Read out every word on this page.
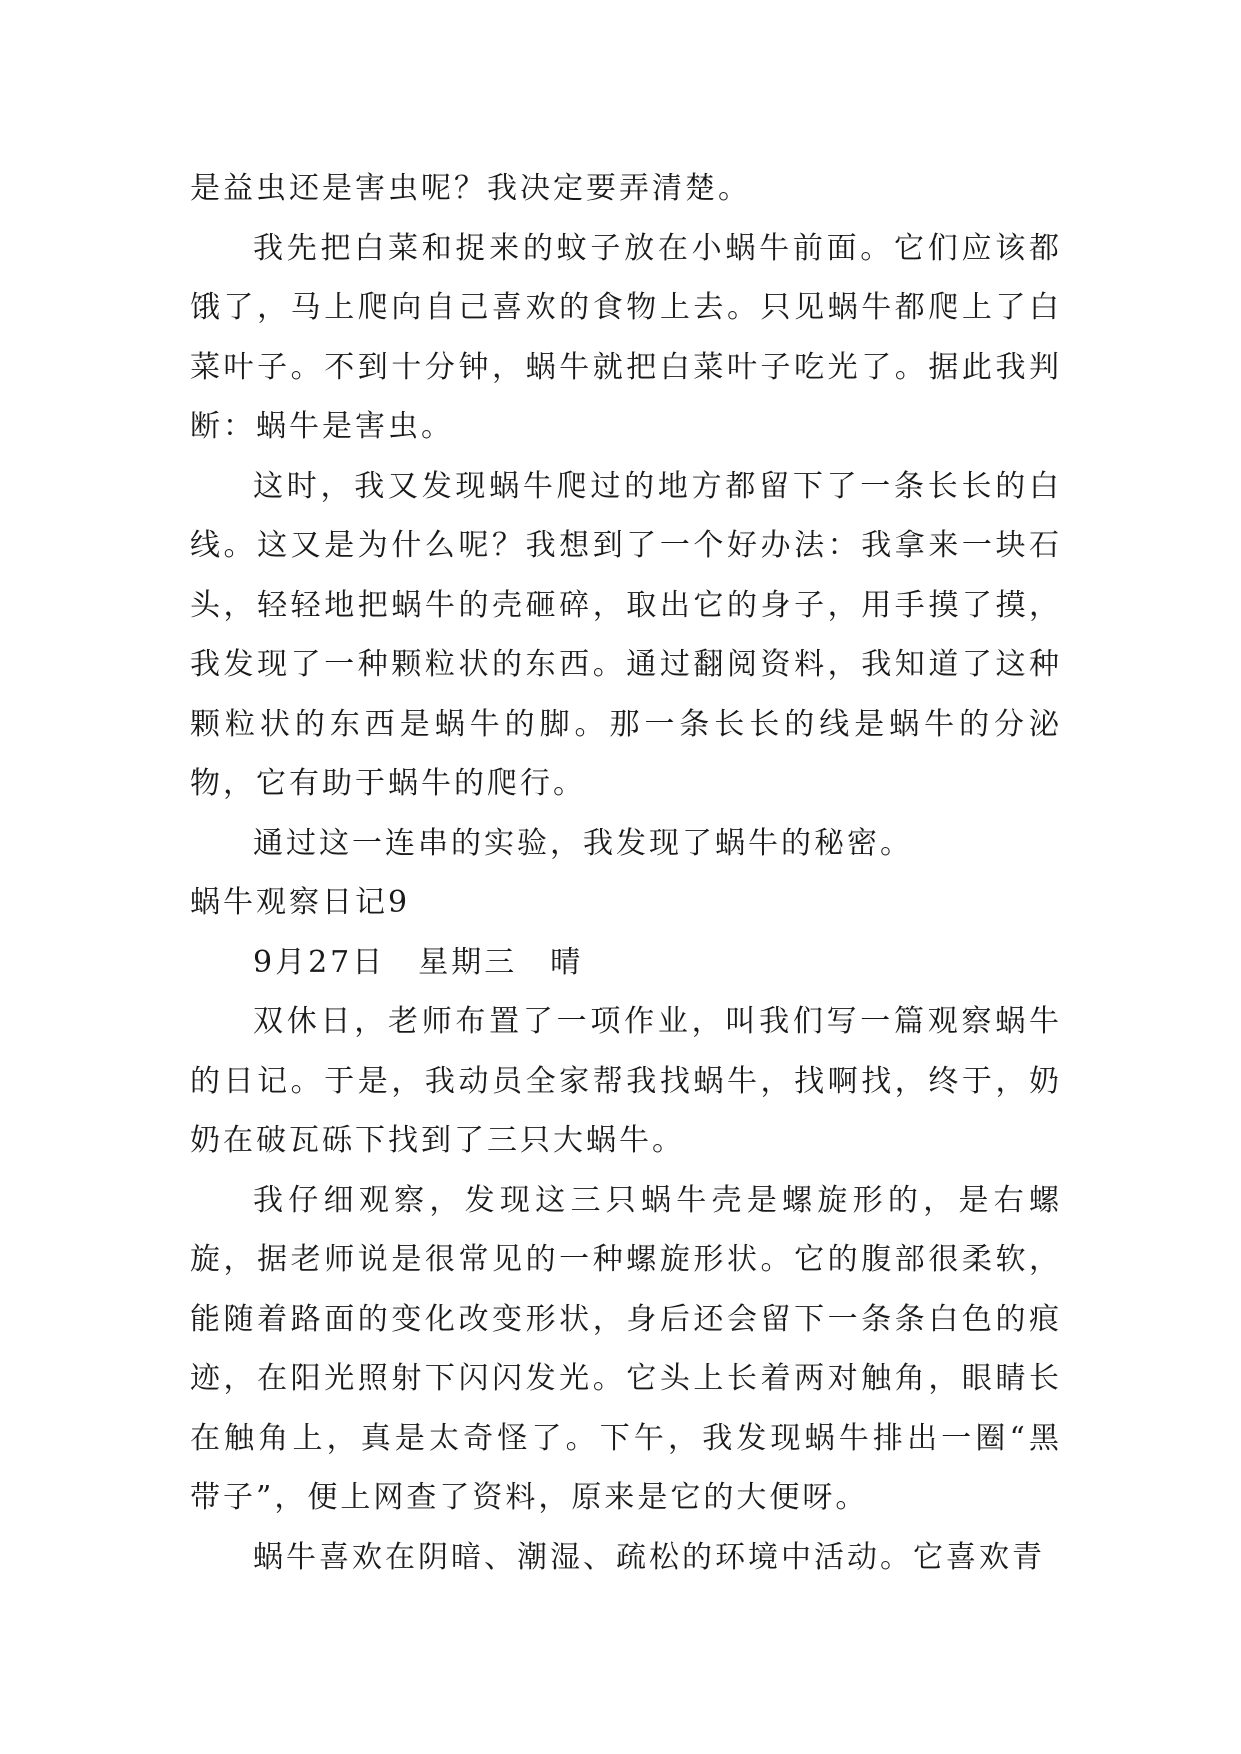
是益虫还是害虫呢？我决定要弄清楚。

我先把白菜和捉来的蚊子放在小蜗牛前面。它们应该都饿了，马上爬向自己喜欢的食物上去。只见蜗牛都爬上了白菜叶子。不到十分钟，蜗牛就把白菜叶子吃光了。据此我判断：蜗牛是害虫。

这时，我又发现蜗牛爬过的地方都留下了一条长长的白线。这又是为什么呢？我想到了一个好办法：我拿来一块石头，轻轻地把蜗牛的壳砸碎，取出它的身子，用手摸了摸，我发现了一种颗粒状的东西。通过翻阅资料，我知道了这种颗粒状的东西是蜗牛的脚。那一条长长的线是蜗牛的分泌物，它有助于蜗牛的爬行。

通过这一连串的实验，我发现了蜗牛的秘密。

蜗牛观察日记9

9月27日　星期三　晴

双休日，老师布置了一项作业，叫我们写一篇观察蜗牛的日记。于是，我动员全家帮我找蜗牛，找啊找，终于，奶奶在破瓦砾下找到了三只大蜗牛。

我仔细观察，发现这三只蜗牛壳是螺旋形的，是右螺旋，据老师说是很常见的一种螺旋形状。它的腹部很柔软，能随着路面的变化改变形状，身后还会留下一条条白色的痕迹，在阳光照射下闪闪发光。它头上长着两对触角，眼睛长在触角上，真是太奇怪了。下午，我发现蜗牛排出一圈“黑带子”，便上网查了资料，原来是它的大便呀。

蜗牛喜欢在阴暗、潮湿、疏松的环境中活动。它喜欢青
